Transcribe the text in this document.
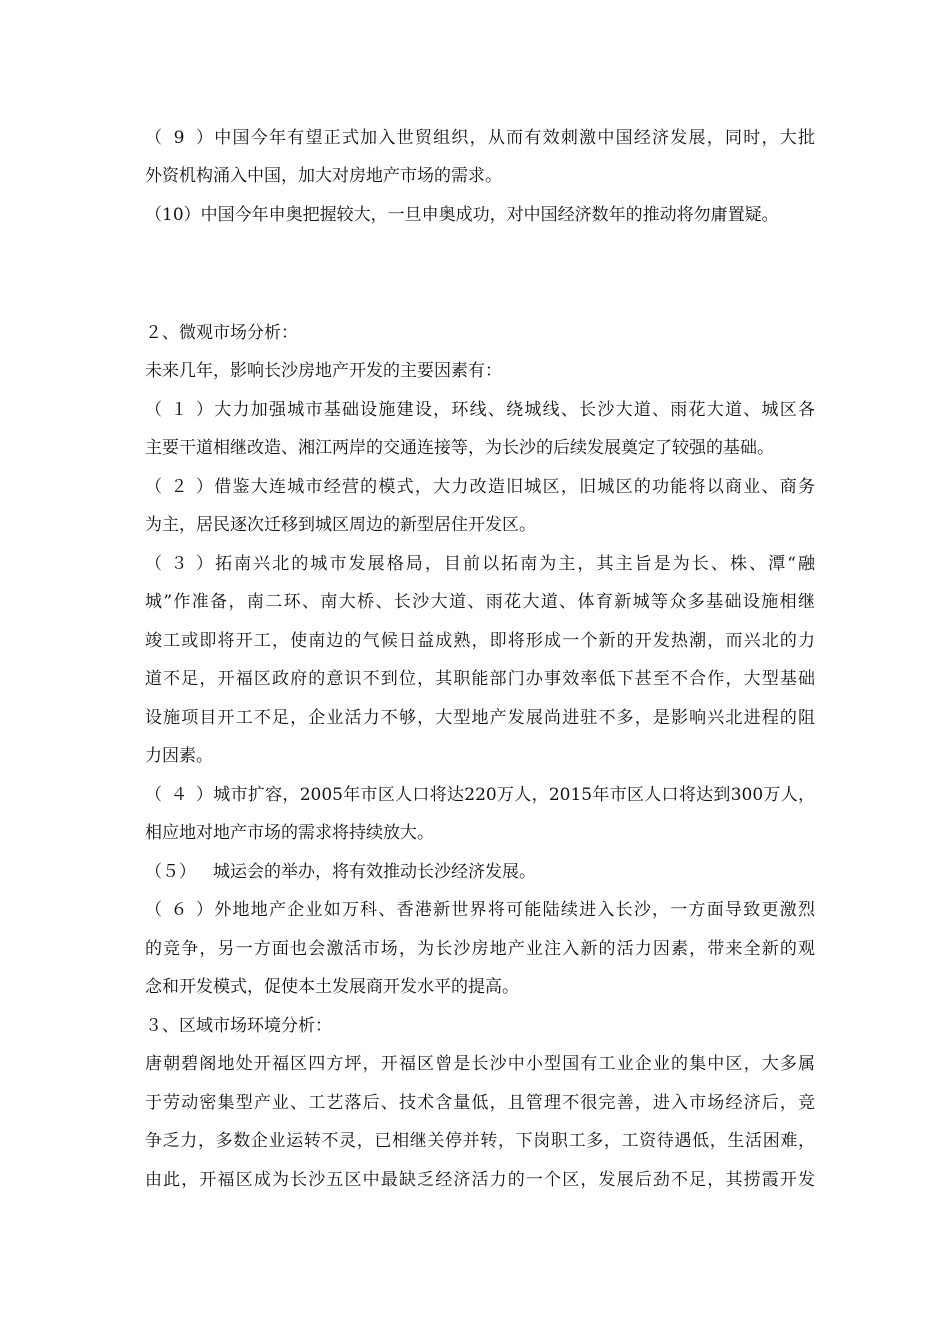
（9）中国今年有望正式加入世贸组织，从而有效刺激中国经济发展，同时，大批
外资机构涌入中国，加大对房地产市场的需求。
（10）中国今年申奥把握较大，一旦申奥成功，对中国经济数年的推动将勿庸置疑。
２、微观市场分析：
未来几年，影响长沙房地产开发的主要因素有：
（１）大力加强城市基础设施建设，环线、绕城线、长沙大道、雨花大道、城区各
主要干道相继改造、湘江两岸的交通连接等，为长沙的后续发展奠定了较强的基础。
（２）借鉴大连城市经营的模式，大力改造旧城区，旧城区的功能将以商业、商务
为主，居民逐次迁移到城区周边的新型居住开发区。
（３）拓南兴北的城市发展格局，目前以拓南为主，其主旨是为长、株、潭“融
城”作准备，南二环、南大桥、长沙大道、雨花大道、体育新城等众多基础设施相继
竣工或即将开工，使南边的气候日益成熟，即将形成一个新的开发热潮，而兴北的力
道不足，开福区政府的意识不到位，其职能部门办事效率低下甚至不合作，大型基础
设施项目开工不足，企业活力不够，大型地产发展尚进驻不多，是影响兴北进程的阻
力因素。
（４）城市扩容，2005年市区人口将达220万人，2015年市区人口将达到300万人，
相应地对地产市场的需求将持续放大。
（５） 城运会的举办，将有效推动长沙经济发展。
（６）外地地产企业如万科、香港新世界将可能陆续进入长沙，一方面导致更激烈
的竞争，另一方面也会激活市场，为长沙房地产业注入新的活力因素，带来全新的观
念和开发模式，促使本土发展商开发水平的提高。
３、区域市场环境分析：
唐朝碧阁地处开福区四方坪，开福区曾是长沙中小型国有工业企业的集中区，大多属
于劳动密集型产业、工艺落后、技术含量低，且管理不很完善，进入市场经济后，竞
争乏力，多数企业运转不灵，已相继关停并转，下岗职工多，工资待遇低，生活困难，
由此，开福区成为长沙五区中最缺乏经济活力的一个区，发展后劲不足，其捞霞开发
